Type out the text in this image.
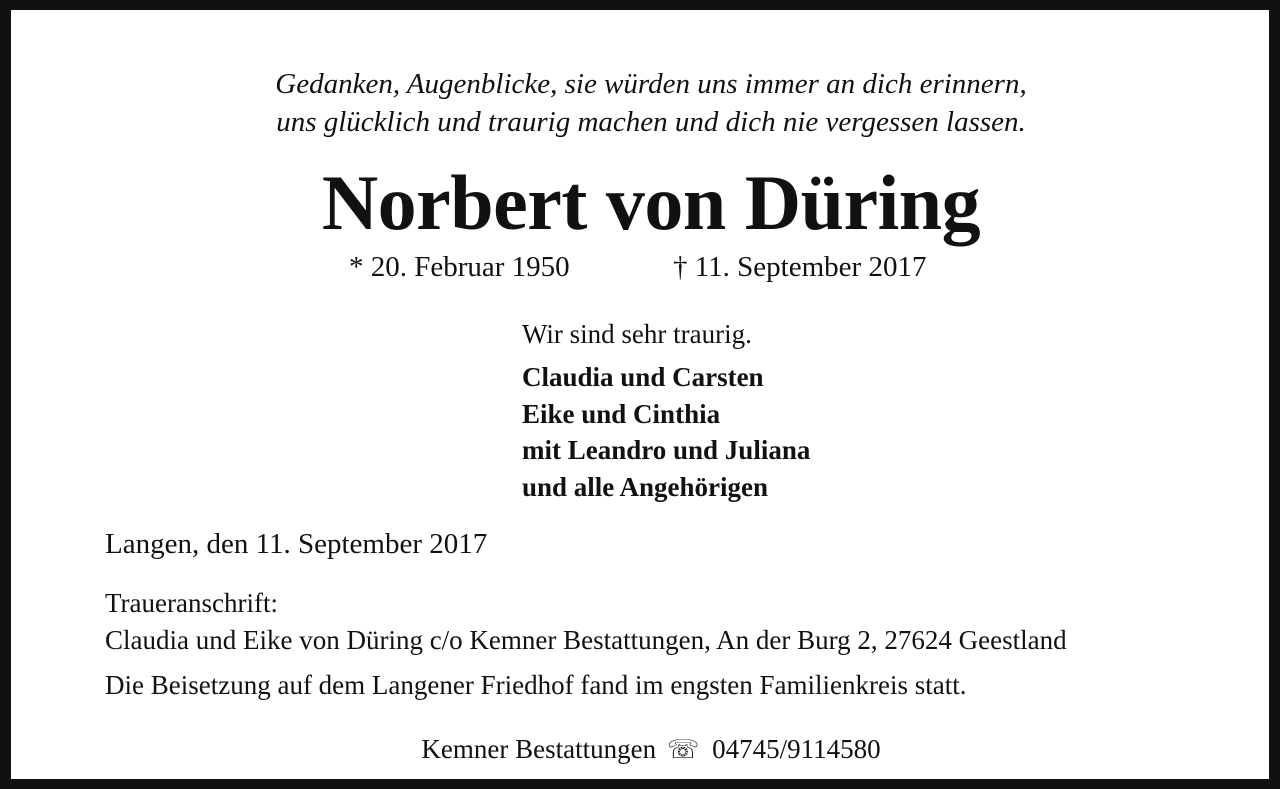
Gedanken, Augenblicke, sie würden uns immer an dich erinnern,
uns glücklich und traurig machen und dich nie vergessen lassen.
Norbert von Düring
* 20. Februar 1950	† 11. September 2017
Wir sind sehr traurig.
Claudia und Carsten
Eike und Cinthia
mit Leandro und Juliana
und alle Angehörigen
Langen, den 11. September 2017
Traueranschrift:
Claudia und Eike von Düring c/o Kemner Bestattungen, An der Burg 2, 27624 Geestland
Die Beisetzung auf dem Langener Friedhof fand im engsten Familienkreis statt.
Kemner Bestattungen ☏ 04745/9114580
